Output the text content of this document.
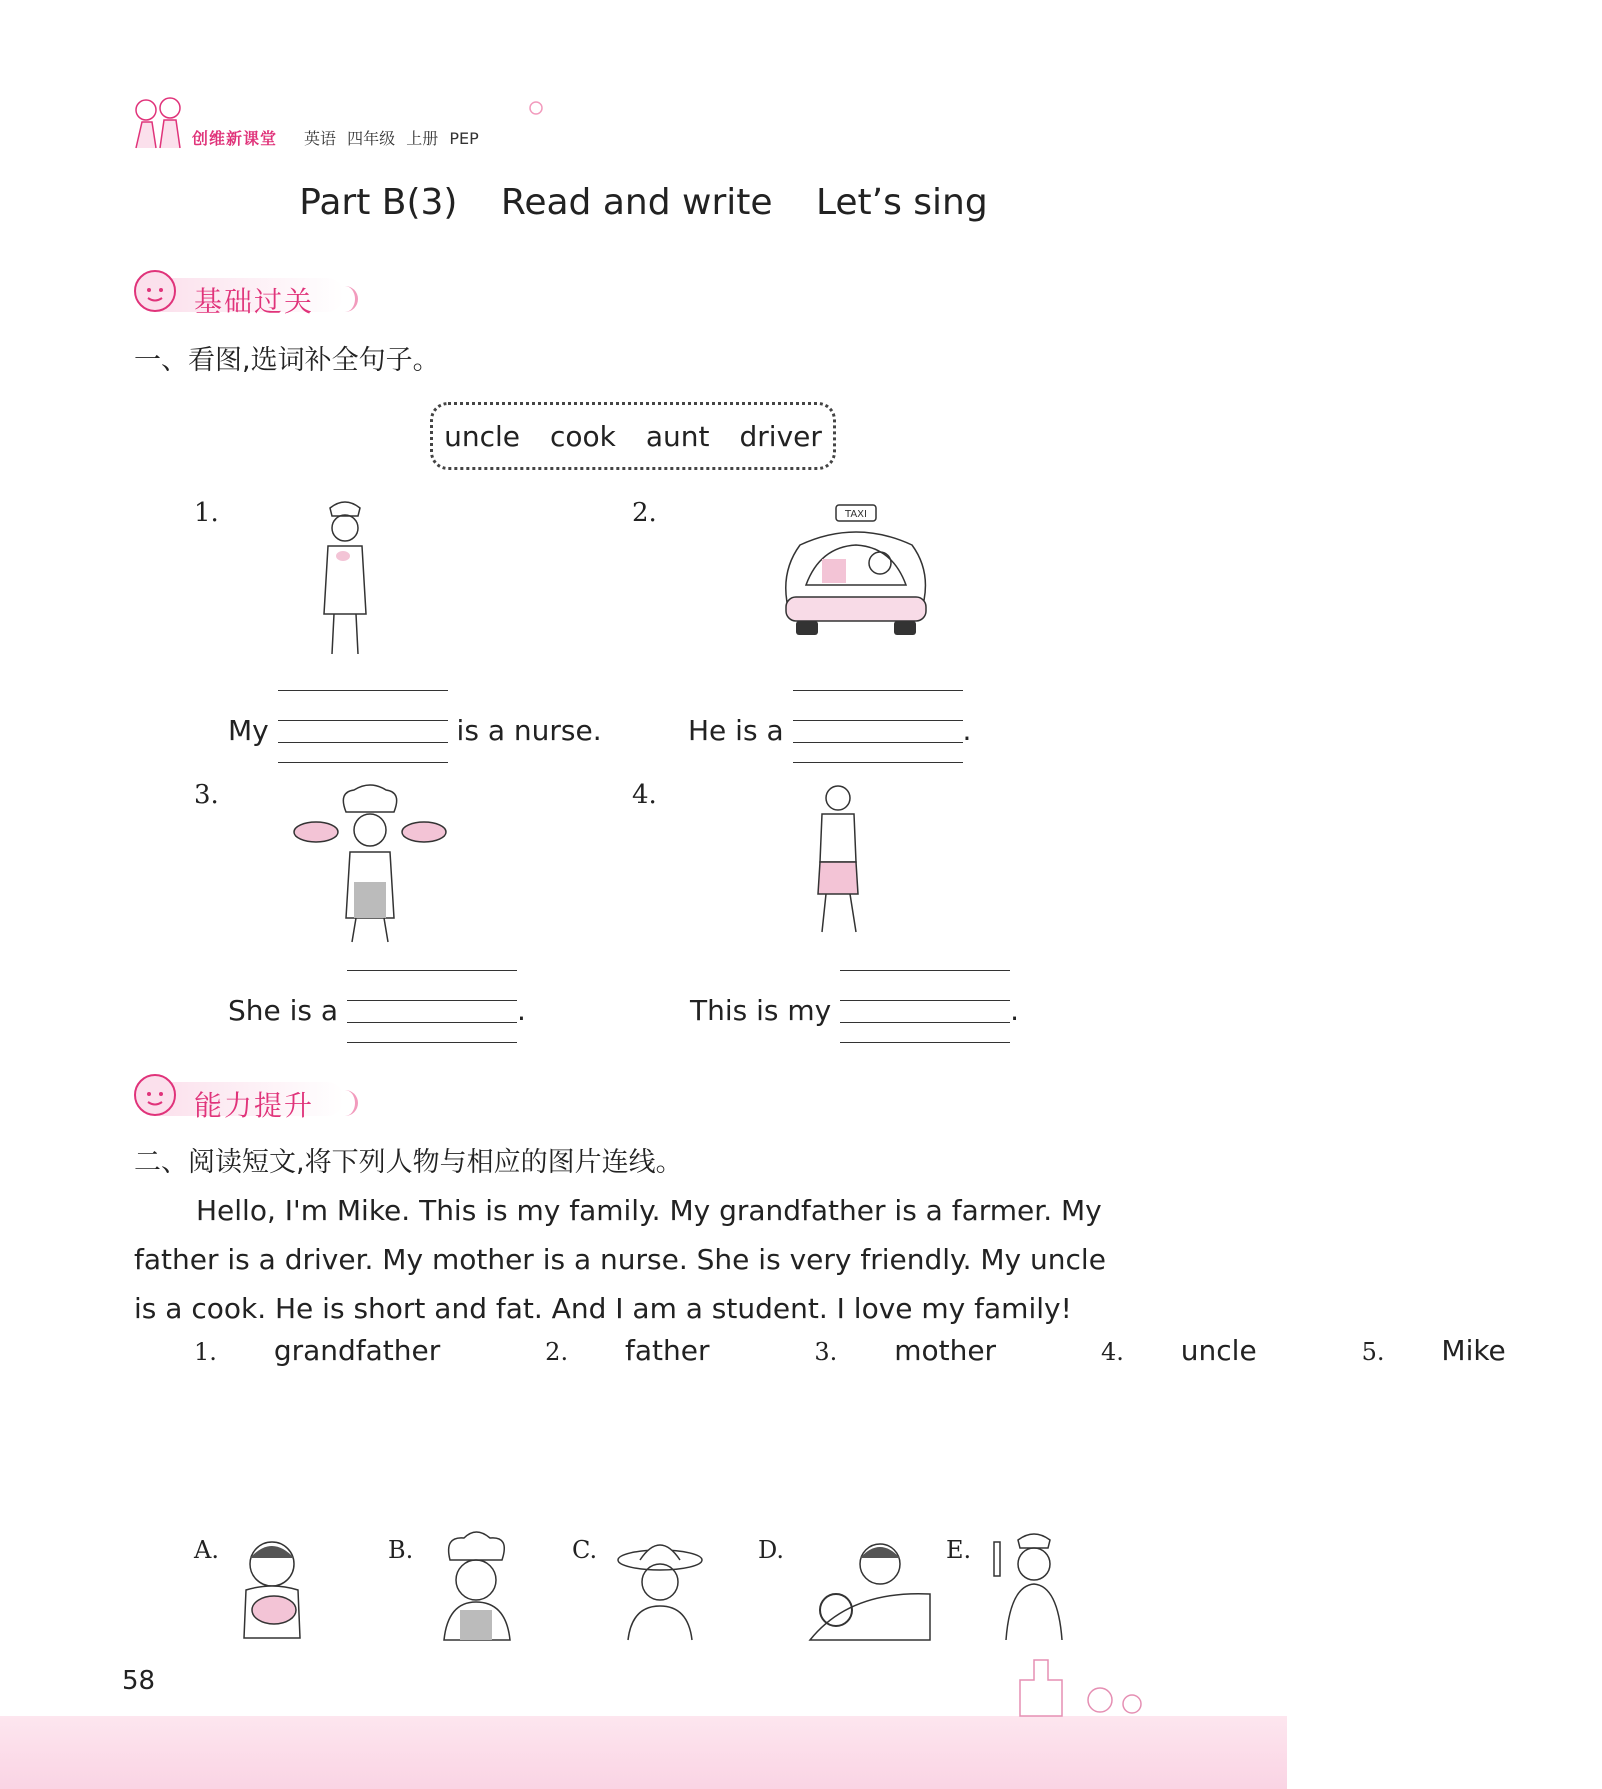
创维新课堂 英语 四年级 上册 PEP
Part B(3) Read and write Let’s sing
基础过关
一、看图,选词补全句子。
uncle cook aunt driver
1.
My	is a nurse.
2.	TAXI
He is a	.
3.
She is a	.
4.
This is my	.
能力提升
二、阅读短文,将下列人物与相应的图片连线。
Hello, I'm Mike. This is my family. My grandfather is a farmer. My father is a driver. My mother is a nurse. She is very friendly. My uncle is a cook. He is short and fat. And I am a student. I love my family!
1. grandfather	2. father	3. mother	4. uncle	5. Mike
A.	B.	C.	D.	E.
58
